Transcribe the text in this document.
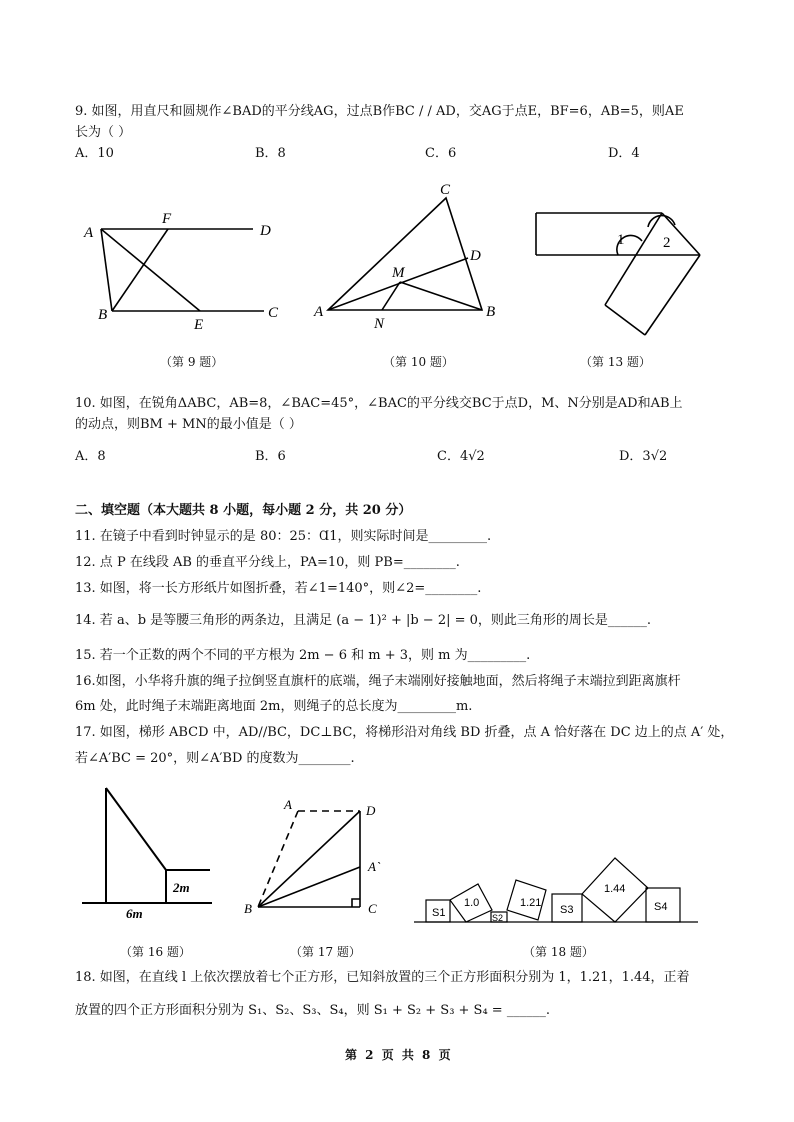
9. 如图，用直尺和圆规作∠BAD的平分线AG，过点B作BC / / AD，交AG于点E，BF=6，AB=5，则AE
长为（ ）
A．10	B．8	C．6	D．4
A
F
D
B
E
C
C
D
M
A
N
B
1	2
（第 9 题）	（第 10 题）	（第 13 题）
10. 如图，在锐角ΔABC，AB=8，∠BAC=45°，∠BAC的平分线交BC于点D，M、N分别是AD和AB上
的动点，则BM + MN的最小值是（ ）
A．8	B．6	C．4√2	D．3√2
二、填空题（本大题共 8 小题，每小题 2 分，共 20 分）
11. 在镜子中看到时钟显示的是 80：25：Ɑ1，则实际时间是_________.
12. 点 P 在线段 AB 的垂直平分线上，PA=10，则 PB=________.
13. 如图，将一长方形纸片如图折叠，若∠1=140°，则∠2=________.
14. 若 a、b 是等腰三角形的两条边，且满足 (a − 1)² + |b − 2| = 0，则此三角形的周长是______.
15. 若一个正数的两个不同的平方根为 2m − 6 和 m + 3，则 m 为_________.
16.如图，小华将升旗的绳子拉倒竖直旗杆的底端，绳子末端刚好接触地面，然后将绳子末端拉到距离旗杆
6m 处，此时绳子末端距离地面 2m，则绳子的总长度为_________m.
17. 如图，梯形 ABCD 中，AD//BC，DC⊥BC，将梯形沿对角线 BD 折叠，点 A 恰好落在 DC 边上的点 A′ 处，
若∠A′BC = 20°，则∠A′BD 的度数为________.
2m
6m
A	D
A`
B	C	S1
1.0
S2
1.21
S3
1.44
S4
（第 16 题）	（第 17 题）	（第 18 题）
18. 如图，在直线 l 上依次摆放着七个正方形，已知斜放置的三个正方形面积分别为 1，1.21，1.44，正着
放置的四个正方形面积分别为 S₁、S₂、S₃、S₄，则 S₁ + S₂ + S₃ + S₄ = ______.
第 2 页 共 8 页
